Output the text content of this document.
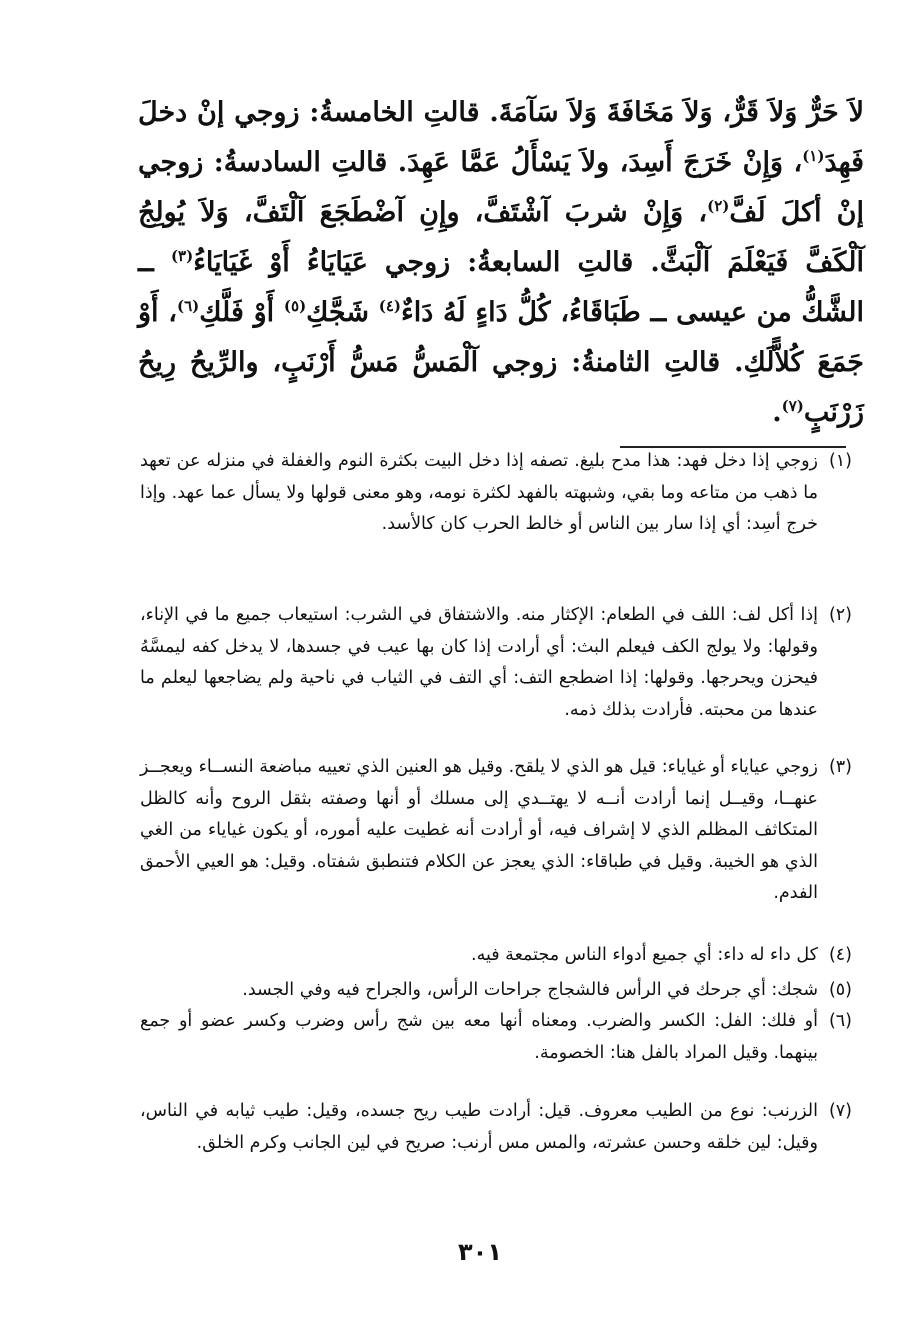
لاَ حَرٌّ وَلاَ قَرٌّ، وَلاَ مَخَافَةَ وَلاَ سَآمَةَ. قالتِ الخامسةُ: زوجي إنْ دخلَ فَهِدَ$^{(١)}$، وَإِنْ خَرَجَ أَسِدَ، ولاَ يَسْأَلُ عَمَّا عَهِدَ. قالتِ السادسةُ: زوجي إنْ أكلَ لَفَّ$^{(٢)}$، وَإِنْ شربَ آشْتَفَّ، وإِنِ آضْطَجَعَ آلْتَفَّ، وَلاَ يُولِجُ آلْكَفَّ فَيَعْلَمَ آلْبَثَّ. قالتِ السابعةُ: زوجي عَيَايَاءُ أَوْ غَيَايَاءُ$^{(٣)}$ ــ الشَّكُّ من عيسى ــ طَبَاقَاءُ، كُلُّ دَاءٍ لَهُ دَاءٌ$^{(٤)}$ شَجَّكِ$^{(٥)}$ أَوْ فَلَّكِ$^{(٦)}$، أَوْ جَمَعَ كُلاًّلَكِ. قالتِ الثامنةُ: زوجي آلْمَسُّ مَسُّ أَرْنَبٍ، والرِّيحُ رِيحُ زَرْنَبٍ$^{(٧)}$.

(١)
زوجي إذا دخل فهد: هذا مدح بليغ. تصفه إذا دخل البيت بكثرة النوم والغفلة في منزله عن تعهد ما ذهب من متاعه وما بقي، وشبهته بالفهد لكثرة نومه، وهو معنى قولها ولا يسأل عما عهد. وإذا خرج أسِد: أي إذا سار بين الناس أو خالط الحرب كان كالأسد.
(٢)
إذا أكل لف: اللف في الطعام: الإكثار منه. والاشتفاق في الشرب: استيعاب جميع ما في الإناء، وقولها: ولا يولج الكف فيعلم البث: أي أرادت إذا كان بها عيب في جسدها، لا يدخل كفه ليمسَّهُ فيحزن ويحرجها. وقولها: إذا اضطجع التف: أي التف في الثياب في ناحية ولم يضاجعها ليعلم ما عندها من محبته. فأرادت بذلك ذمه.
(٣)
زوجي عياياء أو غياياء: قيل هو الذي لا يلقح. وقيل هو العنين الذي تعييه مباضعة النســاء ويعجــز عنهــا، وقيــل إنما أرادت أنــه لا يهتــدي إلى مسلك أو أنها وصفته بثقل الروح وأنه كالظل المتكاثف المظلم الذي لا إشراف فيه، أو أرادت أنه غطيت عليه أموره، أو يكون غياياء من الغي الذي هو الخيبة. وقيل في طباقاء: الذي يعجز عن الكلام فتنطبق شفتاه. وقيل: هو العيي الأحمق الفدم.
(٤)
كل داء له داء: أي جميع أدواء الناس مجتمعة فيه.
(٥)
شجك: أي جرحك في الرأس فالشجاج جراحات الرأس، والجراح فيه وفي الجسد.
(٦)
أو فلك: الفل: الكسر والضرب. ومعناه أنها معه بين شج رأس وضرب وكسر عضو أو جمع بينهما. وقيل المراد بالفل هنا: الخصومة.
(٧)
الزرنب: نوع من الطيب معروف. قيل: أرادت طيب ريح جسده، وقيل: طيب ثيابه في الناس، وقيل: لين خلقه وحسن عشرته، والمس مس أرنب: صريح في لين الجانب وكرم الخلق.
٣٠١
